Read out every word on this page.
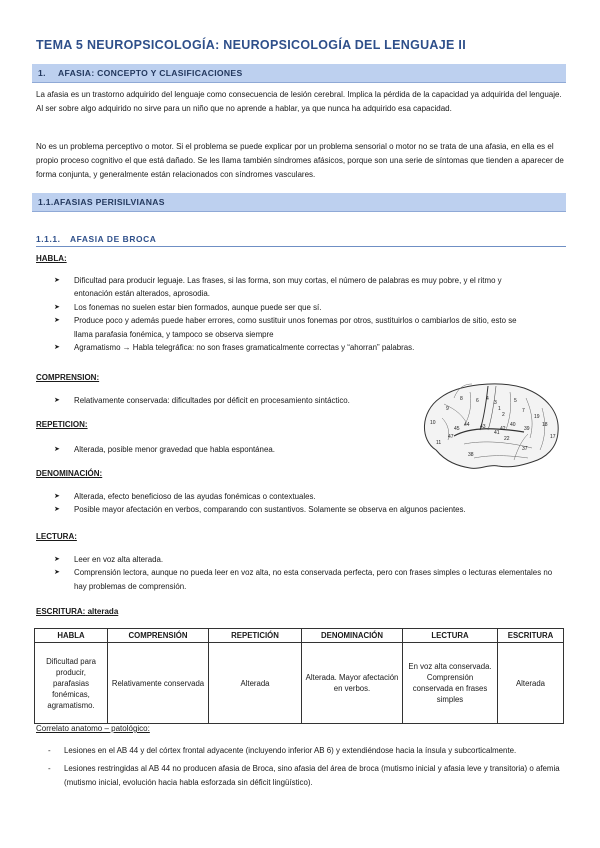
TEMA 5 NEUROPSICOLOGÍA: NEUROPSICOLOGÍA DEL LENGUAJE II
1. AFASIA: CONCEPTO Y CLASIFICACIONES

La afasia es un trastorno adquirido del lenguaje como consecuencia de lesión cerebral. Implica la pérdida de la capacidad ya adquirida del lenguaje. Al ser sobre algo adquirido no sirve para un niño que no aprende a hablar, ya que nunca ha adquirido esa capacidad.

No es un problema perceptivo o motor. Si el problema se puede explicar por un problema sensorial o motor no se trata de una afasia, en ella es el propio proceso cognitivo el que está dañado. Se les llama también síndromes afásicos, porque son una serie de síntomas que tienden a aparecer de forma conjunta, y generalmente están relacionados con síndromes vasculares.

1.1.AFASIAS PERISILVIANAS
1.1.1. AFASIA DE BROCA
HABLA:
➤ Dificultad para producir leguaje. Las frases, si las forma, son muy cortas, el número de palabras es muy pobre, y el ritmo y entonación están alterados, aprosodia.
➤ Los fonemas no suelen estar bien formados, aunque puede ser que sí.
➤ Produce poco y además puede haber errores, como sustituir unos fonemas por otros, sustituirlos o cambiarlos de sitio, esto se llama parafasia fonémica, y tampoco se observa siempre
➤ Agramatismo → Habla telegráfica: no son frases gramaticalmente correctas y “ahorran” palabras.
COMPRENSION:
➤ Relativamente conservada: dificultades por déficit en procesamiento sintáctico.
REPETICION:
➤ Alterada, posible menor gravedad que habla espontánea.
4
3
1
2
5
6
7
8
9
10
11
17
18
19
22
37
38
39
40
41
42
43
44
45
47
DENOMINACIÓN:
➤ Alterada, efecto beneficioso de las ayudas fonémicas o contextuales.
➤ Posible mayor afectación en verbos, comparando con sustantivos. Solamente se observa en algunos pacientes.
LECTURA:
➤ Leer en voz alta alterada.
➤ Comprensión lectora, aunque no pueda leer en voz alta, no esta conservada perfecta, pero con frases simples o lecturas elementales no hay problemas de comprensión.
ESCRITURA: alterada
HABLA	COMPRENSIÓN	REPETICIÓN	DENOMINACIÓN	LECTURA	ESCRITURA
Dificultad para producir, parafasias fonémicas, agramatismo.	Relativamente conservada	Alterada	Alterada. Mayor afectación en verbos.	En voz alta conservada. Comprensión conservada en frases simples	Alterada
Correlato anatomo – patológico:
- Lesiones en el AB 44 y del córtex frontal adyacente (incluyendo inferior AB 6) y extendiéndose hacia la ínsula y subcorticalmente.
- Lesiones restringidas al AB 44 no producen afasia de Broca, sino afasia del área de broca (mutismo inicial y afasia leve y transitoria) o afemia (mutismo inicial, evolución hacia habla esforzada sin déficit lingüístico).
